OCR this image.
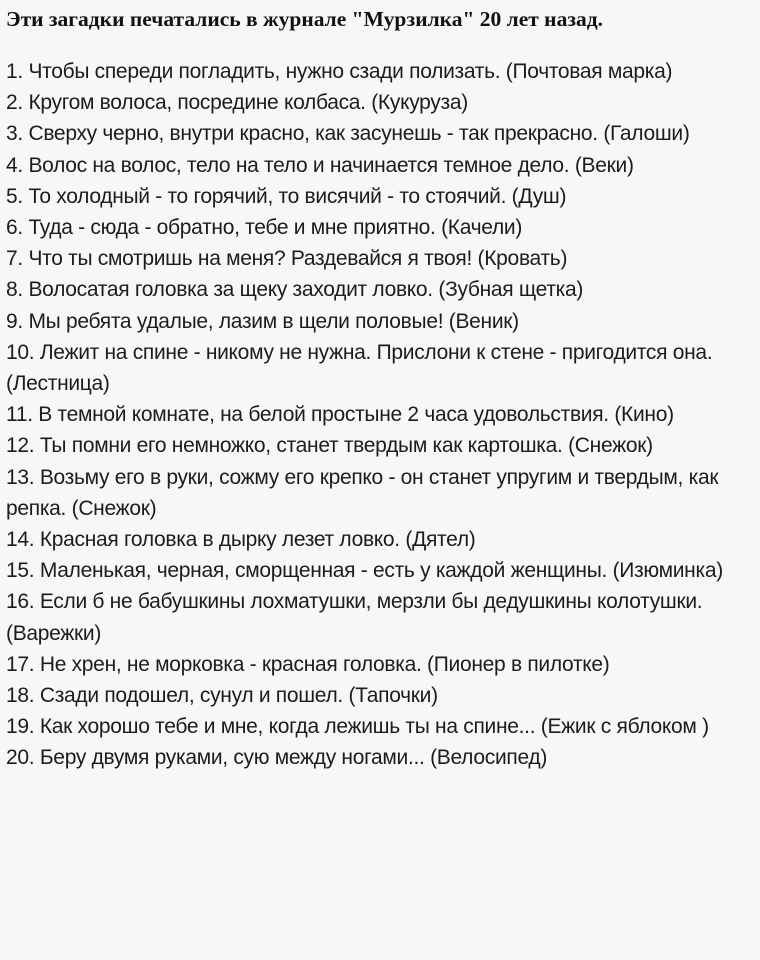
Эти загадки печатались в журнале "Мурзилка" 20 лет назад.
1. Чтобы спереди погладить, нужно сзади полизать. (Почтовая марка)
2. Кругом волоса, посредине колбаса. (Кукуруза)
3. Сверху черно, внутри красно, как засунешь - так прекрасно. (Галоши)
4. Волос на волос, тело на тело и начинается темное дело. (Веки)
5. То холодный - то горячий, то висячий - то стоячий. (Душ)
6. Туда - сюда - обратно, тебе и мне приятно. (Качели)
7. Что ты смотришь на меня? Раздевайся я твоя! (Кровать)
8. Волосатая головка за щеку заходит ловко. (Зубная щетка)
9. Мы ребята удалые, лазим в щели половые! (Веник)
10. Лежит на спине - никому не нужна. Прислони к стене - пригодится она.(Лестница)
11. В темной комнате, на белой простыне 2 часа удовольствия. (Кино)
12. Ты помни его немножко, станет твердым как картошка. (Снежок)
13. Возьму его в руки, сожму его крепко - он станет упругим и твердым, как репка. (Снежок)
14. Красная головка в дырку лезет ловко. (Дятел)
15. Маленькая, черная, сморщенная - есть у каждой женщины. (Изюминка)
16. Если б не бабушкины лохматушки, мерзли бы дедушкины колотушки. (Варежки)
17. Не хрен, не морковка - красная головка. (Пионер в пилотке)
18. Сзади подошел, сунул и пошел. (Тапочки)
19. Как хорошо тебе и мне, когда лежишь ты на спине... (Ежик с яблоком )
20. Беру двумя руками, сую между ногами... (Велосипед)
